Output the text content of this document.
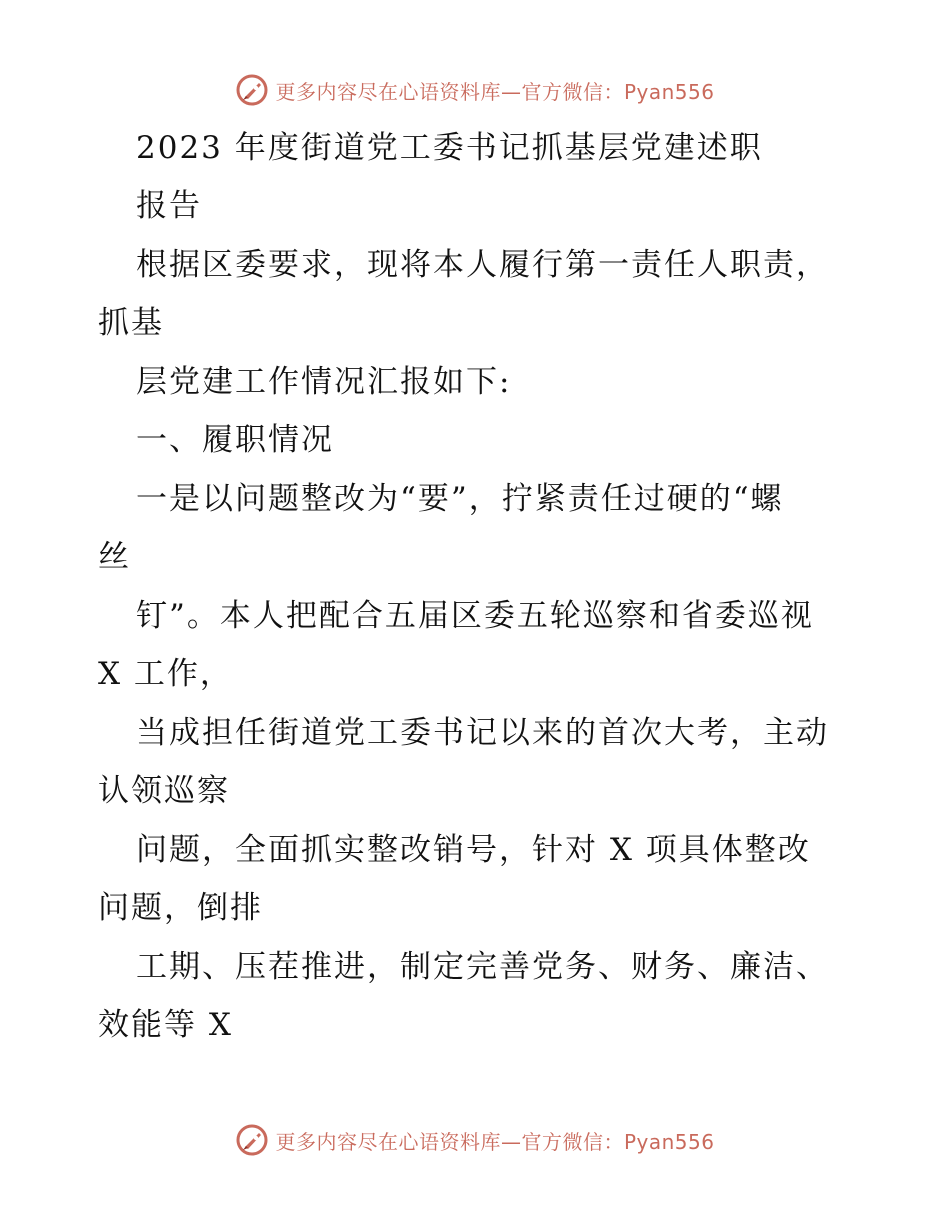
更多内容尽在心语资料库—官方微信：Pyan556
2023 年度街道党工委书记抓基层党建述职
报告
根据区委要求，现将本人履行第一责任人职责，
抓基
层党建工作情况汇报如下:
一、履职情况
一是以问题整改为“要”，拧紧责任过硬的“螺
丝
钉”。本人把配合五届区委五轮巡察和省委巡视
X 工作，
当成担任街道党工委书记以来的首次大考，主动
认领巡察
问题，全面抓实整改销号，针对 X 项具体整改
问题，倒排
工期、压茬推进，制定完善党务、财务、廉洁、
效能等 X
更多内容尽在心语资料库—官方微信：Pyan556
